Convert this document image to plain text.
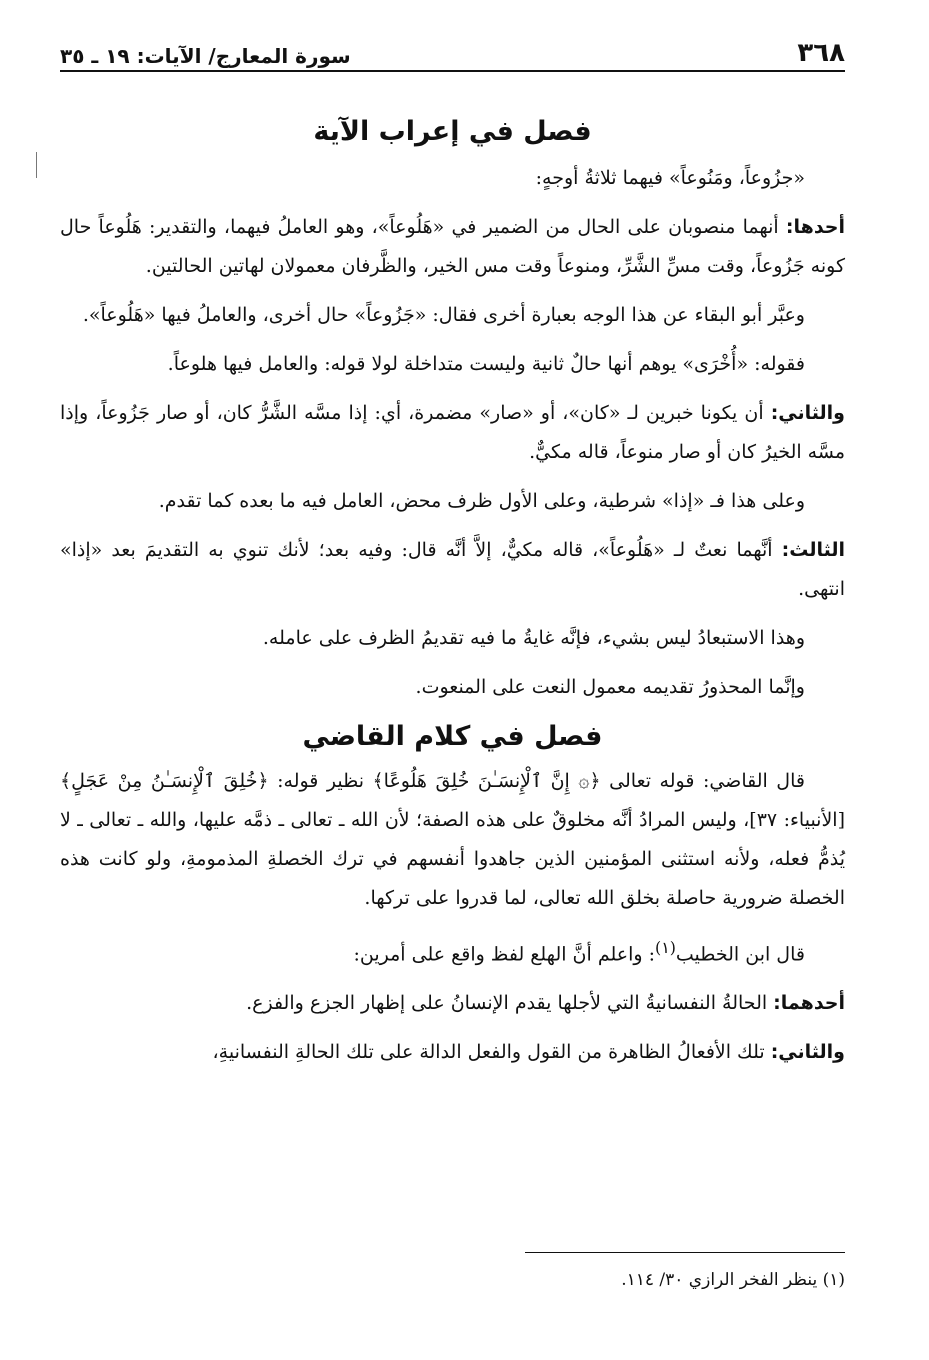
٣٦٨
سورة المعارج/ الآيات: ١٩ ـ ٣٥
فصل في إعراب الآية

«جزُوعاً، ومَنُوعاً» فيهما ثلاثةُ أوجهٍ:

أحدها: أنهما منصوبان على الحال من الضمير في «هَلُوعاً»، وهو العاملُ فيهما، والتقدير: هَلُوعاً حال كونه جَزُوعاً، وقت مسِّ الشَّرِّ، ومنوعاً وقت مس الخير، والظَّرفان معمولان لهاتين الحالتين.

وعبَّر أبو البقاء عن هذا الوجه بعبارة أخرى فقال: «جَزُوعاً» حال أخرى، والعاملُ فيها «هَلُوعاً».

فقوله: «أُخْرَى» يوهم أنها حالٌ ثانية وليست متداخلة لولا قوله: والعامل فيها هلوعاً.

والثاني: أن يكونا خبرين لـ «كان»، أو «صار» مضمرة، أي: إذا مسَّه الشَّرُّ كان، أو صار جَزُوعاً، وإذا مسَّه الخيرُ كان أو صار منوعاً، قاله مكيٌّ.

وعلى هذا فـ «إذا» شرطية، وعلى الأول ظرف محض، العامل فيه ما بعده كما تقدم.

الثالث: أنَّهما نعتٌ لـ «هَلُوعاً»، قاله مكيٌّ، إلاَّ أنَّه قال: وفيه بعد؛ لأنك تنوي به التقديمَ بعد «إذا» انتهى.

وهذا الاستبعادُ ليس بشيء، فإنَّه غايةُ ما فيه تقديمُ الظرف على عامله.

وإنَّما المحذورُ تقديمه معمول النعت على المنعوت.

فصل في كلام القاضي

قال القاضي: قوله تعالى ﴿۞ إِنَّ ٱلْإِنسَـٰنَ خُلِقَ هَلُوعًا﴾ نظير قوله: ﴿خُلِقَ ٱلْإِنسَـٰنُ مِنْ عَجَلٍ﴾ [الأنبياء: ٣٧]، وليس المرادُ أنَّه مخلوقٌ على هذه الصفة؛ لأن الله ـ تعالى ـ ذمَّه عليها، والله ـ تعالى ـ لا يُذمُّ فعله، ولأنه استثنى المؤمنين الذين جاهدوا أنفسهم في ترك الخصلةِ المذمومةِ، ولو كانت هذه الخصلة ضرورية حاصلة بخلق الله تعالى، لما قدروا على تركها.

قال ابن الخطيب$^{(١)}$: واعلم أنَّ الهلع لفظ واقع على أمرين:

أحدهما: الحالةُ النفسانيةُ التي لأجلها يقدم الإنسانُ على إظهار الجزع والفزع.

والثاني: تلك الأفعالُ الظاهرة من القول والفعل الدالة على تلك الحالةِ النفسانيةِ،

(١) ينظر الفخر الرازي ٣٠/ ١١٤.
